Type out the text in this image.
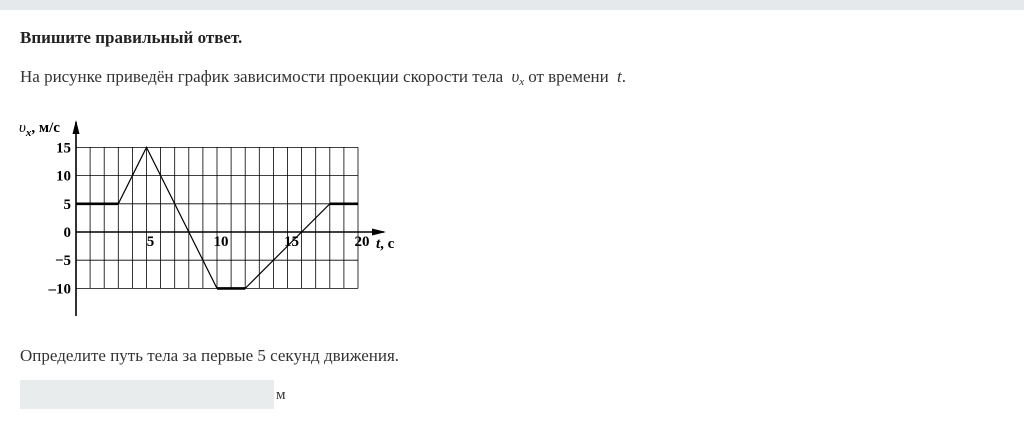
Впишите правильный ответ.
На рисунке приведён график зависимости проекции скорости тела $\upsilon_x$ от времени t.
15
10
5
0
−5
–10
5	10	15	20
$\upsilon_x$, м/с
t, с
Определите путь тела за первые 5 секунд движения.
м
